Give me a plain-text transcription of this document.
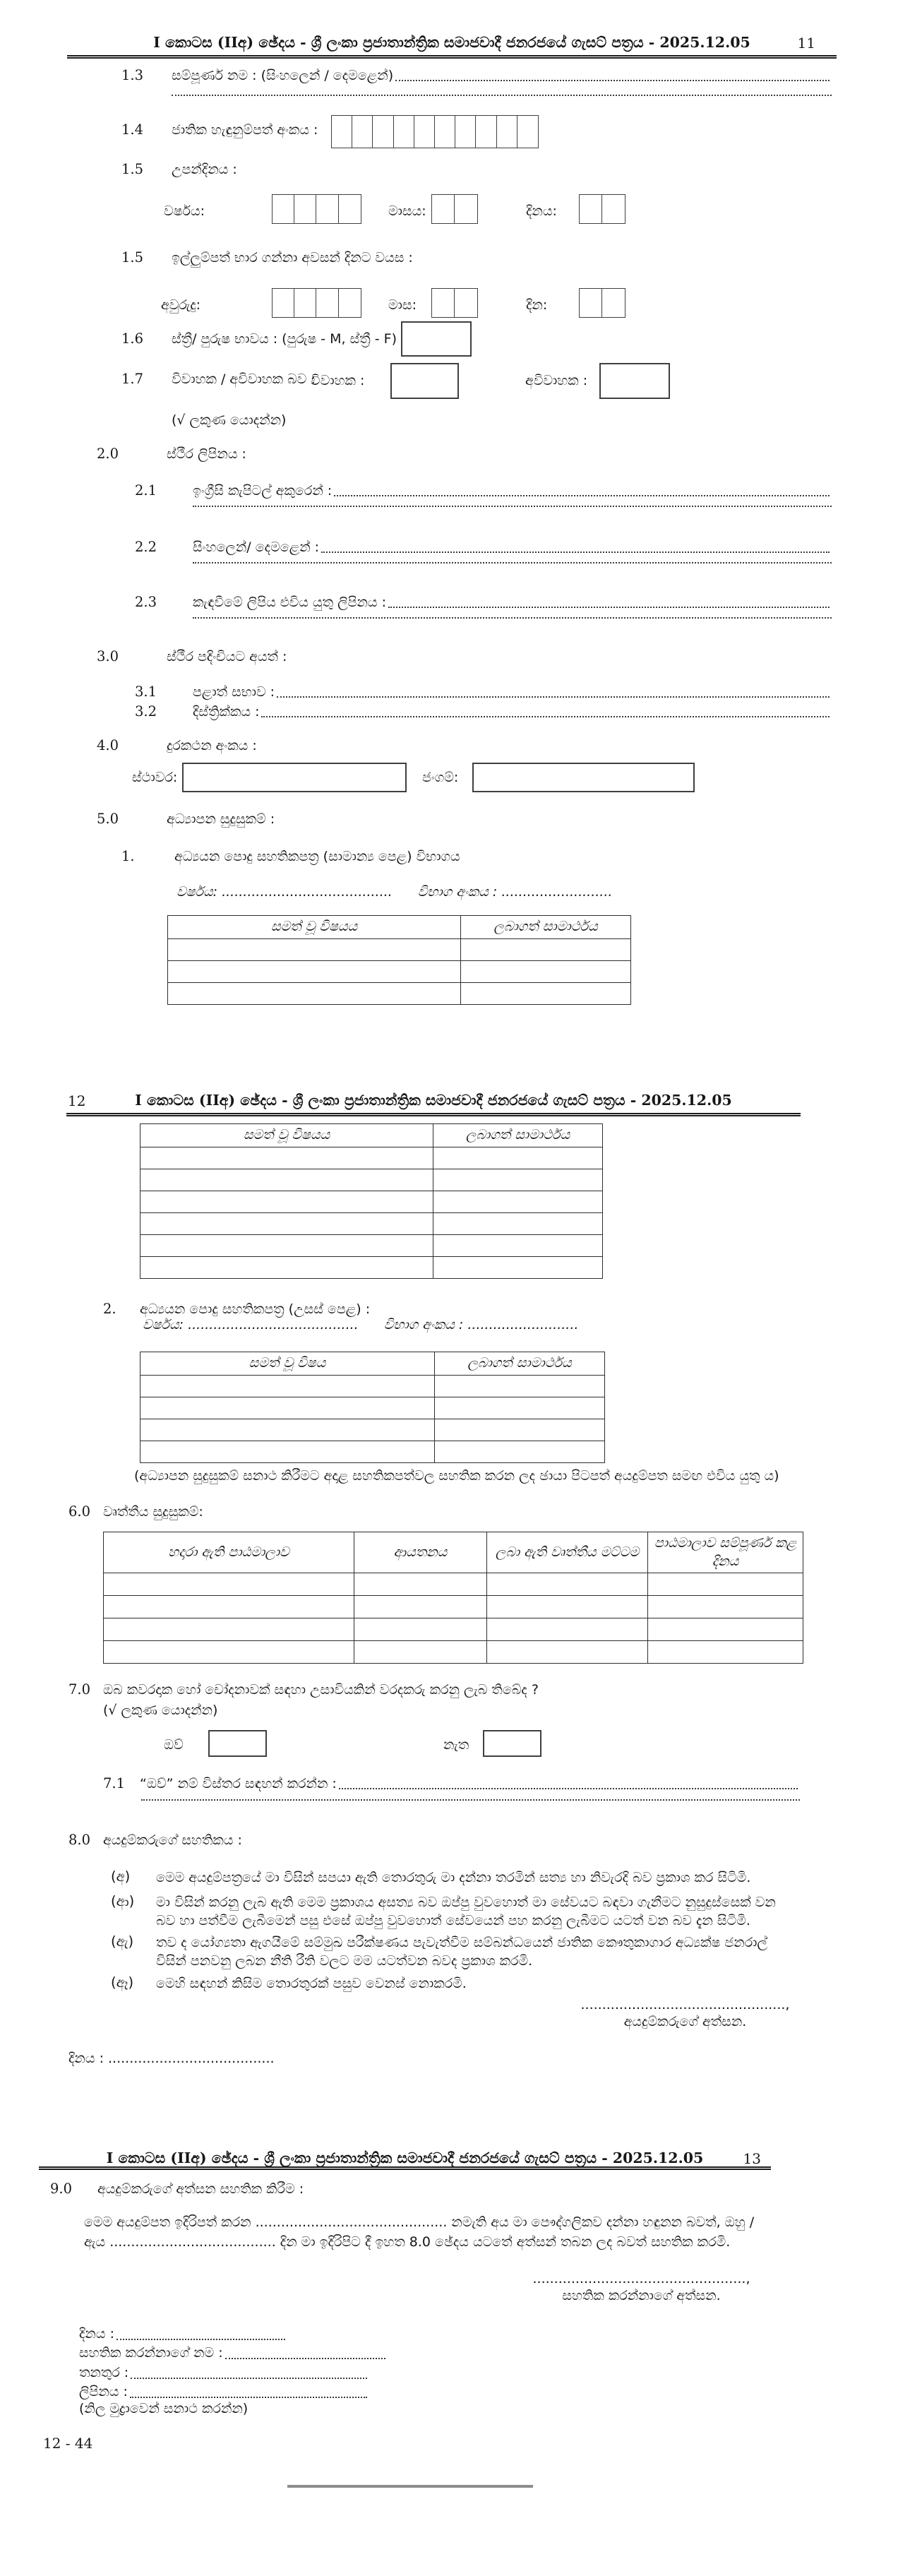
I කොටස (IIඅ) ඡේදය - ශ්‍රී ලංකා ප්‍රජාතාන්ත්‍රික සමාජවාදී ජනරජයේ ගැසට් පත්‍රය - 2025.12.05	11
1.3	සම්පූර්ණ නම : (සිංහලෙන් / දෙමළෙන්)
1.4	ජාතික හැඳුනුම්පත් අංකය :
1.5	උපන්දිනය :
වර්ෂය:	මාසය:	දිනය:
1.5	ඉල්ලුම්පත් භාර ගන්නා අවසන් දිනට වයස :
අවුරුදු:	මාස:	දින:
1.6	ස්ත්‍රී/ පුරුෂ භාවය : (පුරුෂ - M, ස්ත්‍රී - F)
1.7	විවාහක / අවිවාහක බව :
විවාහක :	අවිවාහක :
(√ ලකුණ යොදන්න)
2.0	ස්ථීර ලිපිනය :
2.1	ඉංග්‍රීසි කැපිටල් අකුරෙන් :
2.2	සිංහලෙන්/ දෙමළෙන් :
2.3	කැඳවීමේ ලිපිය එවිය යුතු ලිපිනය :
3.0	ස්ථීර පදිංචියට අයත් :
3.1	පළාත් සභාව :
3.2	දිස්ත්‍රික්කය :
4.0	දුරකථන අංකය :
ස්ථාවර:	ජංගම්:
5.0	අධ්‍යාපන සුදුසුකම් :
1.	අධ්‍යයන පොදු සහතිකපත්‍ර (සාමාන්‍ය පෙළ) විභාගය
වර්ෂය: ........................................ විභාග අංකය : ..........................
සමත් වූ විෂයය	ලබාගත් සාමාර්ථය

12	I කොටස (IIඅ) ඡේදය - ශ්‍රී ලංකා ප්‍රජාතාන්ත්‍රික සමාජවාදී ජනරජයේ ගැසට් පත්‍රය - 2025.12.05
සමත් වූ විෂයය	ලබාගත් සාමාර්ථය

2.	අධ්‍යයන පොදු සහතිකපත්‍ර (උසස් පෙළ) :
වර්ෂය: ........................................ විභාග අංකය : ..........................
සමත් වූ විෂය	ලබාගත් සාමාර්ථය

(අධ්‍යාපන සුදුසුකම් සනාථ කිරීමට අදාළ සහතිකපත්වල සහතික කරන ලද ඡායා පිටපත් අයදුම්පත සමඟ එවිය යුතු ය)
6.0 වෘත්තීය සුදුසුකම්:
හදාරා ඇති පාඨමාලාව	ආයතනය	ලබා ඇති වෘත්තීය මට්ටම	පාඨමාලාව සම්පූර්ණ කළ දිනය

7.0 ඔබ කවරදාක හෝ චෝදනාවක් සඳහා උසාවියකින් වරදකරු කරනු ලැබ තිබේද ?
(√ ලකුණ යොදන්න)
ඔව්	නැත
7.1	“ඔව්” නම් විස්තර සඳහන් කරන්න :
8.0 අයදුම්කරුගේ සහතිකය :
(අ)	මෙම අයදුම්පත්‍රයේ මා විසින් සපයා ඇති තොරතුරු මා දන්නා තරමින් සත්‍ය හා නිවැරදි බව ප්‍රකාශ කර සිටිමි.

(ආ)	මා විසින් කරනු ලැබ ඇති මෙම ප්‍රකාශය අසත්‍ය බව ඔප්පු වුවහොත් මා සේවයට බඳවා ගැනීමට නුසුදුස්සෙක් වන බව හා පත්වීම ලැබීමෙන් පසු එසේ ඔප්පු වුවහොත් සේවයෙන් පහ කරනු ලැබීමට යටත් වන බව දැන සිටිමි.

(ඇ)	තව ද යෝග්‍යතා ඇගයීමේ සම්මුඛ පරීක්ෂණය පැවැත්වීම සම්බන්ධයෙන් ජාතික කෞතුකාගාර අධ්‍යක්ෂ ජනරාල් විසින් පනවනු ලබන නීති රීති වලට මම යටත්වන බවද ප්‍රකාශ කරමි.

(ඈ)	මෙහි සඳහන් කිසිම තොරතුරක් පසුව වෙනස් නොකරමි.

................................................,
අයදුම්කරුගේ අත්සන.
දිනය : .......................................
I කොටස (IIඅ) ඡේදය - ශ්‍රී ලංකා ප්‍රජාතාන්ත්‍රික සමාජවාදී ජනරජයේ ගැසට් පත්‍රය - 2025.12.05	13
9.0	අයදුම්කරුගේ අත්සන සහතික කිරීම :
මෙම අයදුම්පත ඉදිරිපත් කරන ............................................. නමැති අය මා පෞද්ගලිකව දන්නා හඳුනන බවත්, ඔහු /
ඇය ....................................... දින මා ඉදිරිපිට දී ඉහත 8.0 ඡේදය යටතේ අත්සන් තබන ලද බවත් සහතික කරමි.
..................................................,
සහතික කරන්නාගේ අත්සන.
දිනය :
සහතික කරන්නාගේ නම :
තනතුර :
ලිපිනය :
(නිල මුද්‍රාවෙන් සනාථ කරන්න)
12 - 44
